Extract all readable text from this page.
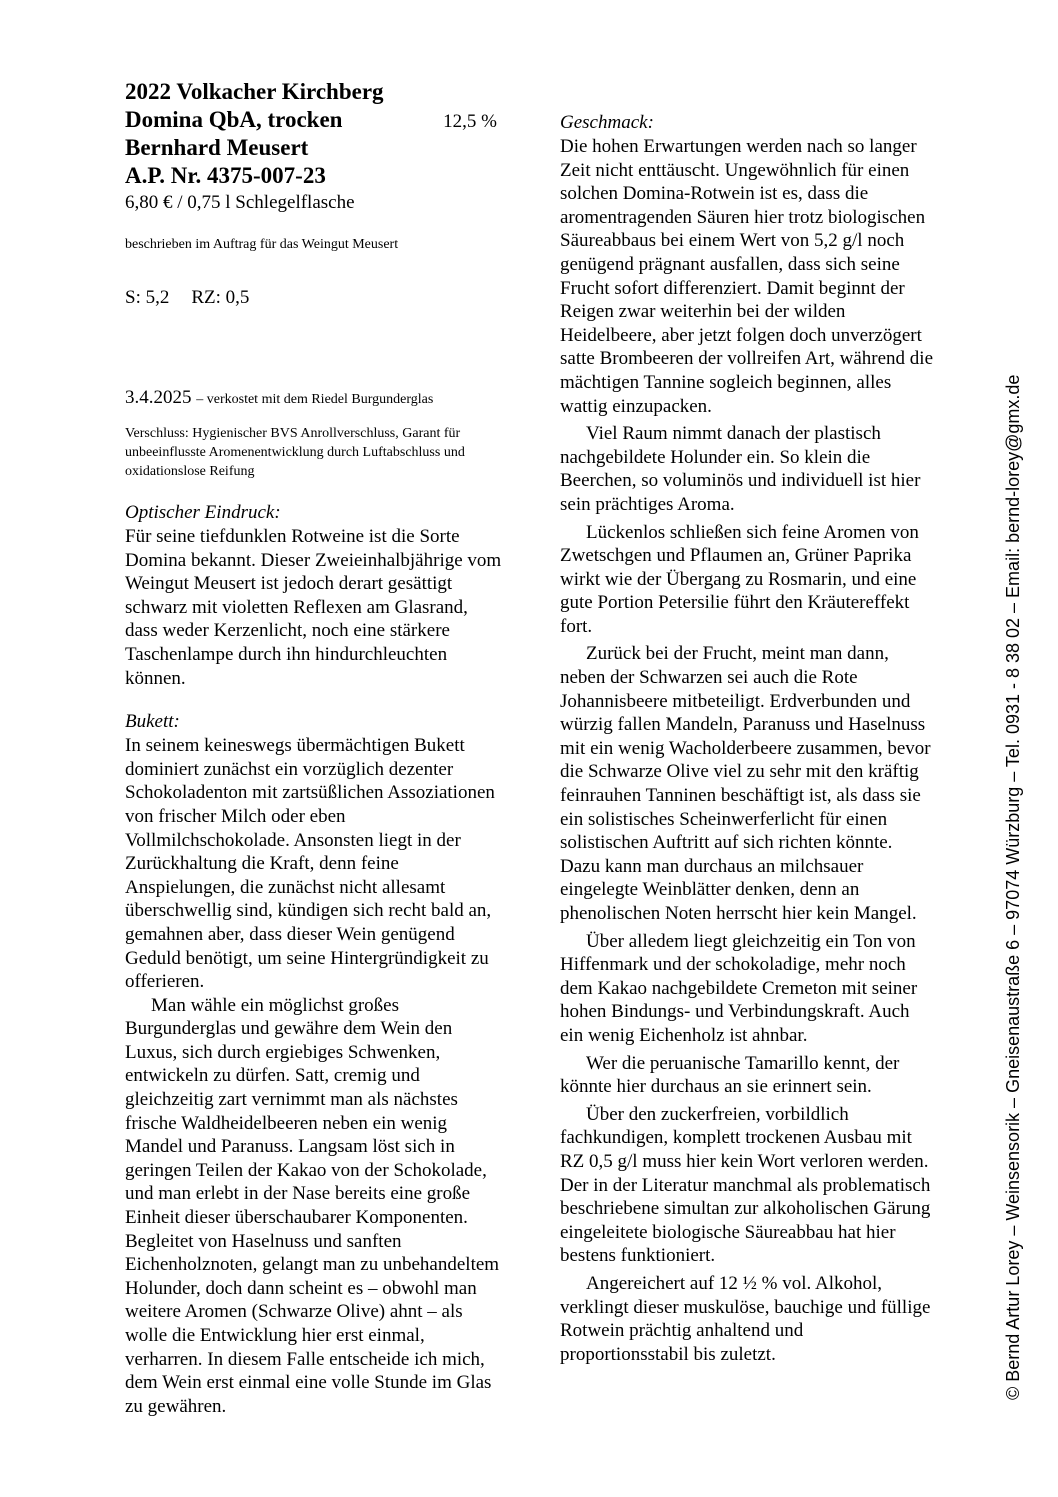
2022 Volkacher Kirchberg

Domina QbA, trocken	12,5 %

Bernhard Meusert

A.P. Nr. 4375-007-23

6,80 € / 0,75 l Schlegelflasche

beschrieben im Auftrag für das Weingut Meusert

S: 5,2 RZ: 0,5

3.4.2025 – verkostet mit dem Riedel Burgunderglas

Verschluss: Hygienischer BVS Anrollverschluss, Garant für unbeeinflusste Aromenentwicklung durch Luftabschluss und oxidationslose Reifung

Optischer Eindruck:

Für seine tiefdunklen Rotweine ist die Sorte Domina bekannt. Dieser Zweieinhalbjährige vom Weingut Meusert ist jedoch derart gesättigt schwarz mit violetten Reflexen am Glasrand, dass weder Kerzenlicht, noch eine stärkere Taschenlampe durch ihn hindurchleuchten können.

Bukett:

In seinem keineswegs übermächtigen Bukett dominiert zunächst ein vorzüglich dezenter Schokoladenton mit zartsüßlichen Assoziationen von frischer Milch oder eben Vollmilchschokolade. Ansonsten liegt in der Zurückhaltung die Kraft, denn feine Anspielungen, die zunächst nicht allesamt überschwellig sind, kündigen sich recht bald an, gemahnen aber, dass dieser Wein genügend Geduld benötigt, um seine Hintergründigkeit zu offerieren.

Man wähle ein möglichst großes Burgunderglas und gewähre dem Wein den Luxus, sich durch ergiebiges Schwenken, entwickeln zu dürfen. Satt, cremig und gleichzeitig zart vernimmt man als nächstes frische Waldheidelbeeren neben ein wenig Mandel und Paranuss. Langsam löst sich in geringen Teilen der Kakao von der Schokolade, und man erlebt in der Nase bereits eine große Einheit dieser überschaubarer Komponenten. Begleitet von Haselnuss und sanften Eichenholznoten, gelangt man zu unbehandeltem Holunder, doch dann scheint es – obwohl man weitere Aromen (Schwarze Olive) ahnt – als wolle die Entwicklung hier erst einmal, verharren. In diesem Falle entscheide ich mich, dem Wein erst einmal eine volle Stunde im Glas zu gewähren.

Geschmack:

Die hohen Erwartungen werden nach so langer Zeit nicht enttäuscht. Ungewöhnlich für einen solchen Domina-Rotwein ist es, dass die aromentragenden Säuren hier trotz biologischen Säureabbaus bei einem Wert von 5,2 g/l noch genügend prägnant ausfallen, dass sich seine Frucht sofort differenziert. Damit beginnt der Reigen zwar weiterhin bei der wilden Heidelbeere, aber jetzt folgen doch unverzögert satte Brombeeren der vollreifen Art, während die mächtigen Tannine sogleich beginnen, alles wattig einzupacken.

Viel Raum nimmt danach der plastisch nachgebildete Holunder ein. So klein die Beerchen, so voluminös und individuell ist hier sein prächtiges Aroma.

Lückenlos schließen sich feine Aromen von Zwetschgen und Pflaumen an, Grüner Paprika wirkt wie der Übergang zu Rosmarin, und eine gute Portion Petersilie führt den Kräutereffekt fort.

Zurück bei der Frucht, meint man dann, neben der Schwarzen sei auch die Rote Johannisbeere mitbeteiligt. Erdverbunden und würzig fallen Mandeln, Paranuss und Haselnuss mit ein wenig Wacholderbeere zusammen, bevor die Schwarze Olive viel zu sehr mit den kräftig feinrauhen Tanninen beschäftigt ist, als dass sie ein solistisches Scheinwerferlicht für einen solistischen Auftritt auf sich richten könnte. Dazu kann man durchaus an milchsauer eingelegte Weinblätter denken, denn an phenolischen Noten herrscht hier kein Mangel.

Über alledem liegt gleichzeitig ein Ton von Hiffenmark und der schokoladige, mehr noch dem Kakao nachgebildete Cremeton mit seiner hohen Bindungs- und Verbindungskraft. Auch ein wenig Eichenholz ist ahnbar.

Wer die peruanische Tamarillo kennt, der könnte hier durchaus an sie erinnert sein.

Über den zuckerfreien, vorbildlich fachkundigen, komplett trockenen Ausbau mit RZ 0,5 g/l muss hier kein Wort verloren werden. Der in der Literatur manchmal als problematisch beschriebene simultan zur alkoholischen Gärung eingeleitete biologische Säureabbau hat hier bestens funktioniert.

Angereichert auf 12 ½ % vol. Alkohol, verklingt dieser muskulöse, bauchige und füllige Rotwein prächtig anhaltend und proportionsstabil bis zuletzt.	© Bernd Artur Lorey – Weinsensorik – Gneisenaustraße 6 – 97074 Würzburg – Tel. 0931 - 8 38 02 – Email: bernd-lorey@gmx.de
